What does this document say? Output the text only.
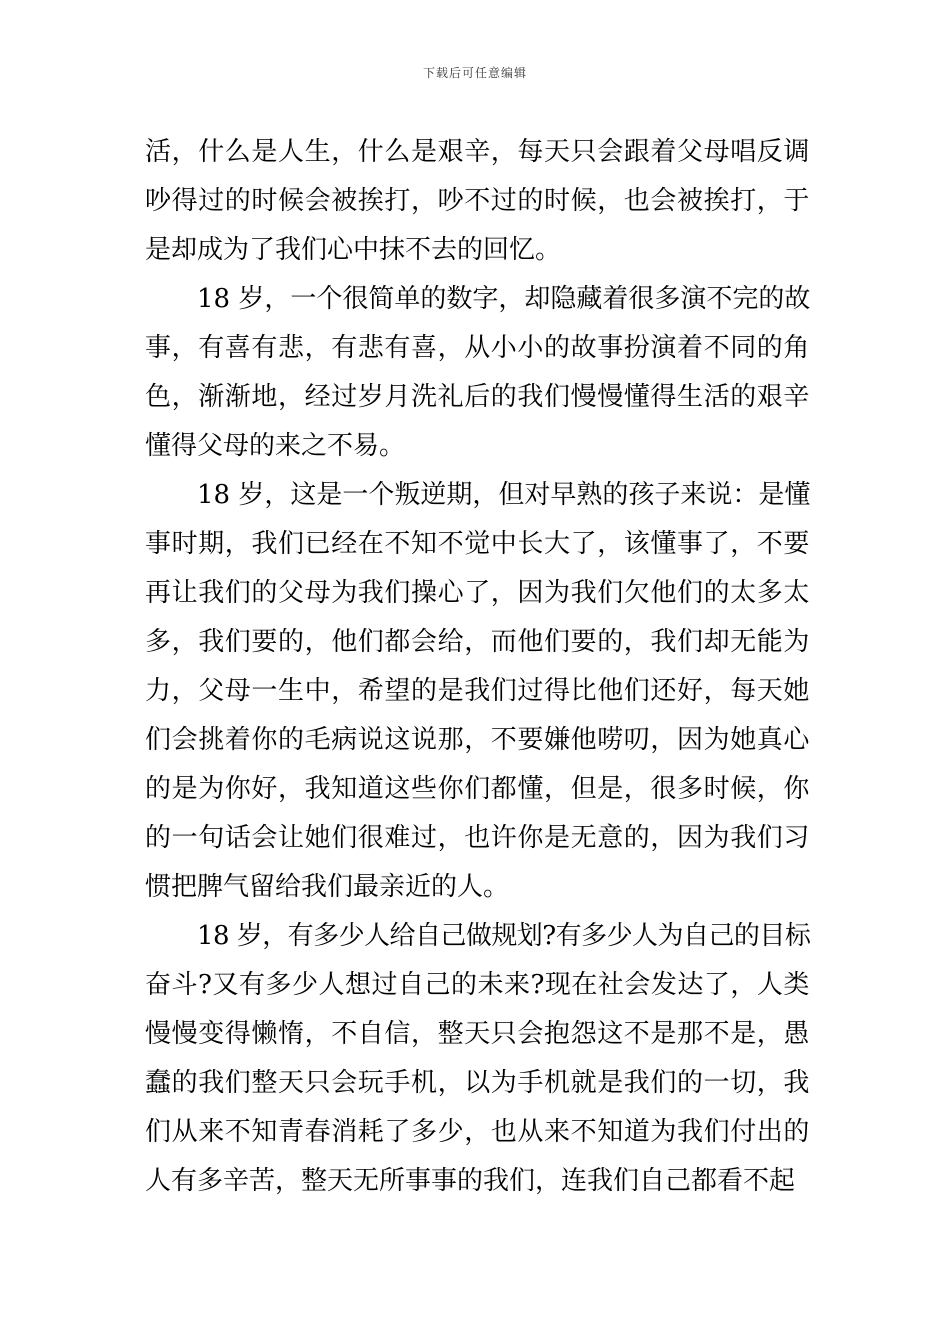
下载后可任意编辑
活，什么是人生，什么是艰辛，每天只会跟着父母唱反调
吵得过的时候会被挨打，吵不过的时候，也会被挨打，于
是却成为了我们心中抹不去的回忆。
18 岁，一个很简单的数字，却隐藏着很多演不完的故
事，有喜有悲，有悲有喜，从小小的故事扮演着不同的角
色，渐渐地，经过岁月洗礼后的我们慢慢懂得生活的艰辛
懂得父母的来之不易。
18 岁，这是一个叛逆期，但对早熟的孩子来说：是懂
事时期，我们已经在不知不觉中长大了，该懂事了，不要
再让我们的父母为我们操心了，因为我们欠他们的太多太
多，我们要的，他们都会给，而他们要的，我们却无能为
力，父母一生中，希望的是我们过得比他们还好，每天她
们会挑着你的毛病说这说那，不要嫌他唠叨，因为她真心
的是为你好，我知道这些你们都懂，但是，很多时候，你
的一句话会让她们很难过，也许你是无意的，因为我们习
惯把脾气留给我们最亲近的人。
18 岁，有多少人给自己做规划?有多少人为自己的目标
奋斗?又有多少人想过自己的未来?现在社会发达了，人类
慢慢变得懒惰，不自信，整天只会抱怨这不是那不是，愚
蠢的我们整天只会玩手机，以为手机就是我们的一切，我
们从来不知青春消耗了多少，也从来不知道为我们付出的
人有多辛苦，整天无所事事的我们，连我们自己都看不起
